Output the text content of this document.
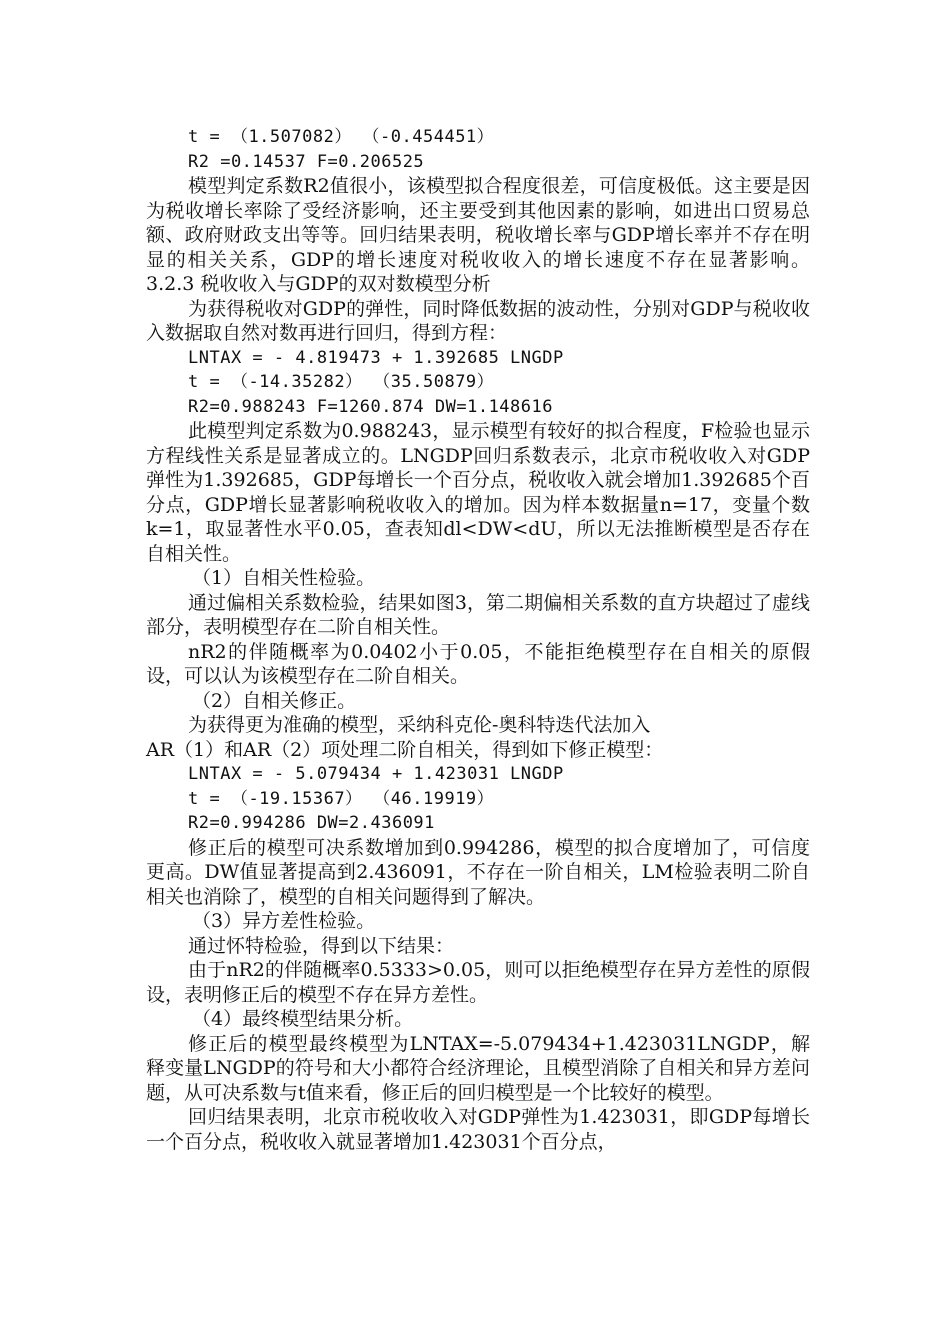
t = （1.507082） （-0.454451）

R2 =0.14537 F=0.206525

模型判定系数R2值很小，该模型拟合程度很差，可信度极低。这主要是因为税收增长率除了受经济影响，还主要受到其他因素的影响，如进出口贸易总额、政府财政支出等等。回归结果表明，税收增长率与GDP增长率并不存在明显的相关关系，GDP的增长速度对税收收入的增长速度不存在显著影响。 3.2.3 税收收入与GDP的双对数模型分析

为获得税收对GDP的弹性，同时降低数据的波动性，分别对GDP与税收收入数据取自然对数再进行回归，得到方程：

LNTAX = - 4.819473 + 1.392685 LNGDP

t = （-14.35282） （35.50879）

R2=0.988243 F=1260.874 DW=1.148616

此模型判定系数为0.988243，显示模型有较好的拟合程度，F检验也显示方程线性关系是显著成立的。LNGDP回归系数表示，北京市税收收入对GDP弹性为1.392685，GDP每增长一个百分点，税收收入就会增加1.392685个百分点，GDP增长显著影响税收收入的增加。因为样本数据量n=17，变量个数k=1，取显著性水平0.05，查表知dl<DW<dU，所以无法推断模型是否存在自相关性。

（1）自相关性检验。

通过偏相关系数检验，结果如图3，第二期偏相关系数的直方块超过了虚线部分，表明模型存在二阶自相关性。

nR2的伴随概率为0.0402小于0.05，不能拒绝模型存在自相关的原假设，可以认为该模型存在二阶自相关。

（2）自相关修正。

为获得更为准确的模型，采纳科克伦-奥科特迭代法加入

AR（1）和AR（2）项处理二阶自相关，得到如下修正模型：

LNTAX = - 5.079434 + 1.423031 LNGDP

t = （-19.15367） （46.19919）

R2=0.994286 DW=2.436091

修正后的模型可决系数增加到0.994286，模型的拟合度增加了，可信度更高。DW值显著提高到2.436091，不存在一阶自相关，LM检验表明二阶自相关也消除了，模型的自相关问题得到了解决。

（3）异方差性检验。

通过怀特检验，得到以下结果：

由于nR2的伴随概率0.5333>0.05，则可以拒绝模型存在异方差性的原假设，表明修正后的模型不存在异方差性。

（4）最终模型结果分析。

修正后的模型最终模型为LNTAX=-5.079434+1.423031LNGDP，解释变量LNGDP的符号和大小都符合经济理论，且模型消除了自相关和异方差问题，从可决系数与t值来看，修正后的回归模型是一个比较好的模型。

回归结果表明，北京市税收收入对GDP弹性为1.423031，即GDP每增长一个百分点，税收收入就显著增加1.423031个百分点，
